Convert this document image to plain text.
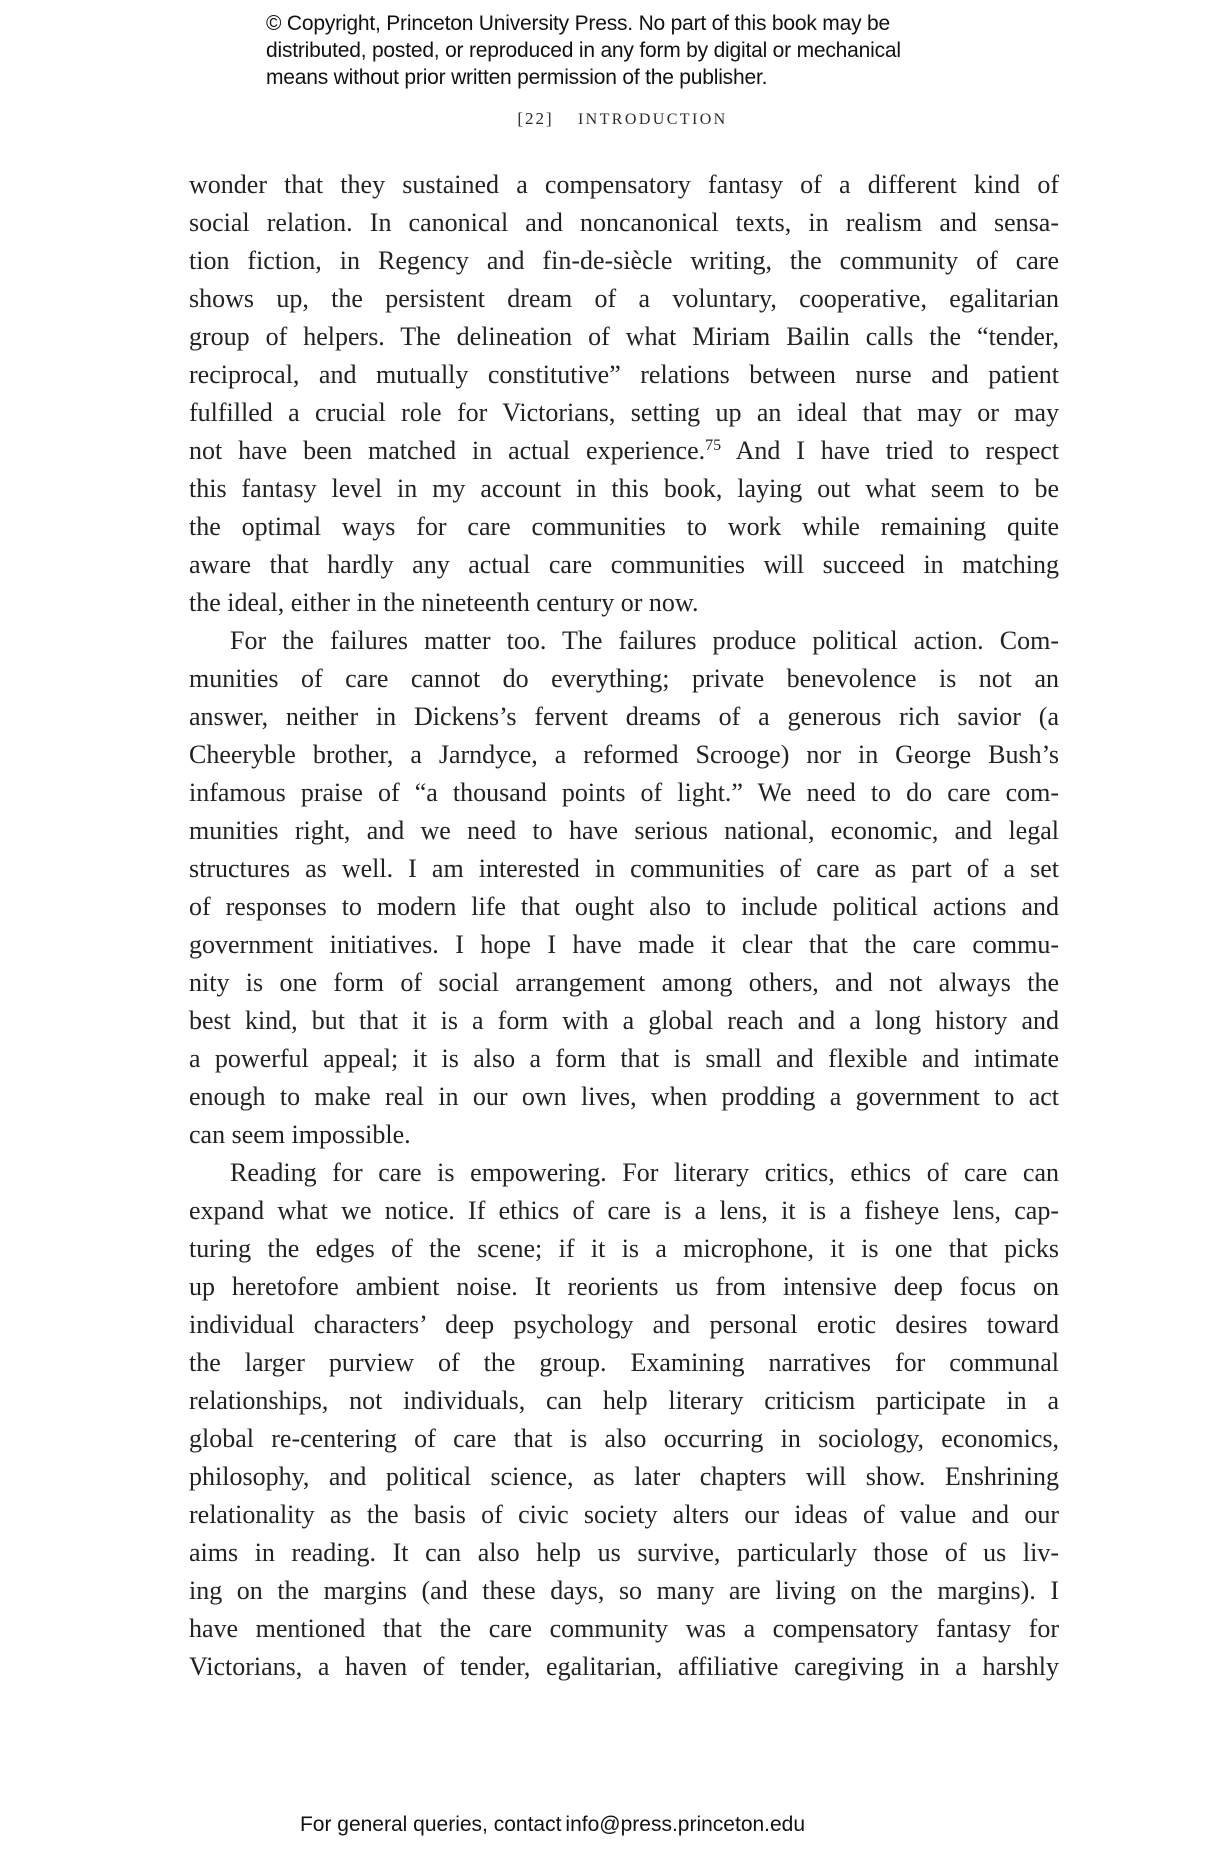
© Copyright, Princeton University Press. No part of this book may be
distributed, posted, or reproduced in any form by digital or mechanical
means without prior written permission of the publisher.
[22] INTRODUCTION
wonder that they sustained a compensatory fantasy of a different kind of
social relation. In canonical and noncanonical texts, in realism and sensa-
tion fiction, in Regency and fin-de-siècle writing, the community of care
shows up, the persistent dream of a voluntary, cooperative, egalitarian
group of helpers. The delineation of what Miriam Bailin calls the “tender,
reciprocal, and mutually constitutive” relations between nurse and patient
fulfilled a crucial role for Victorians, setting up an ideal that may or may
not have been matched in actual experience.$^{75}$ And I have tried to respect
this fantasy level in my account in this book, laying out what seem to be
the optimal ways for care communities to work while remaining quite
aware that hardly any actual care communities will succeed in matching
the ideal, either in the nineteenth century or now.
For the failures matter too. The failures produce political action. Com-
munities of care cannot do everything; private benevolence is not an
answer, neither in Dickens’s fervent dreams of a generous rich savior (a
Cheeryble brother, a Jarndyce, a reformed Scrooge) nor in George Bush’s
infamous praise of “a thousand points of light.” We need to do care com-
munities right, and we need to have serious national, economic, and legal
structures as well. I am interested in communities of care as part of a set
of responses to modern life that ought also to include political actions and
government initiatives. I hope I have made it clear that the care commu-
nity is one form of social arrangement among others, and not always the
best kind, but that it is a form with a global reach and a long history and
a powerful appeal; it is also a form that is small and flexible and intimate
enough to make real in our own lives, when prodding a government to act
can seem impossible.
Reading for care is empowering. For literary critics, ethics of care can
expand what we notice. If ethics of care is a lens, it is a fisheye lens, cap-
turing the edges of the scene; if it is a microphone, it is one that picks
up heretofore ambient noise. It reorients us from intensive deep focus on
individual characters’ deep psychology and personal erotic desires toward
the larger purview of the group. Examining narratives for communal
relationships, not individuals, can help literary criticism participate in a
global re-centering of care that is also occurring in sociology, economics,
philosophy, and political science, as later chapters will show. Enshrining
relationality as the basis of civic society alters our ideas of value and our
aims in reading. It can also help us survive, particularly those of us liv-
ing on the margins (and these days, so many are living on the margins). I
have mentioned that the care community was a compensatory fantasy for
Victorians, a haven of tender, egalitarian, affiliative caregiving in a harshly
For general queries, contact info@press.princeton.edu
